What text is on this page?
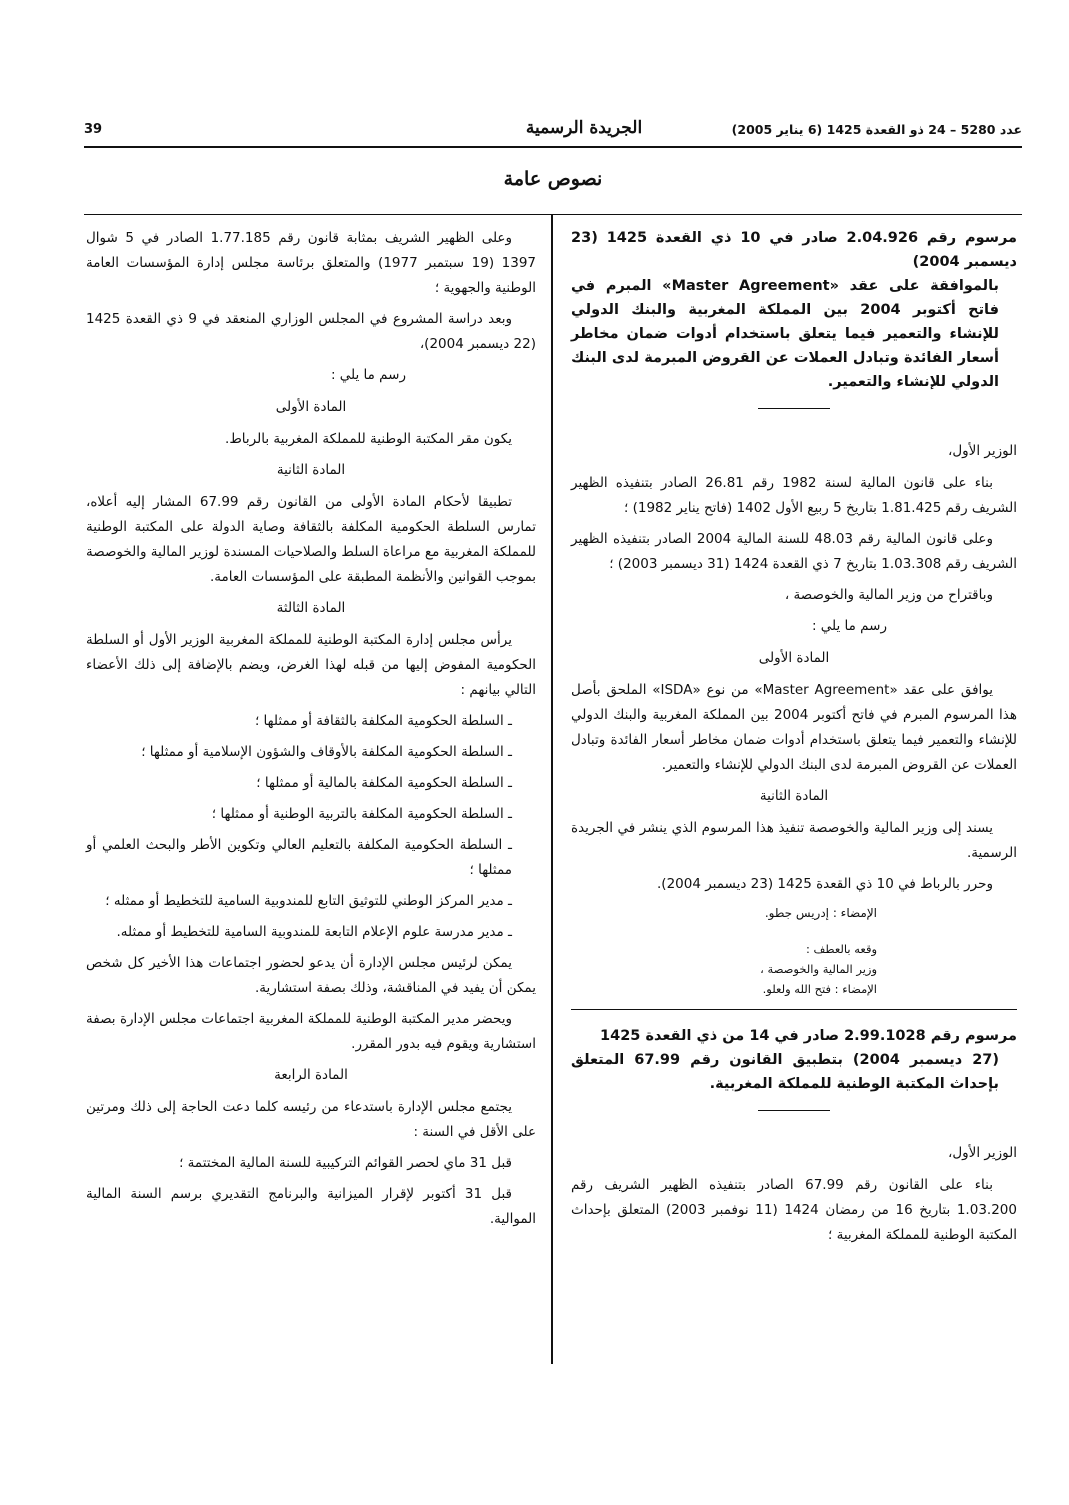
عدد 5280 – 24 ذو القعدة 1425 (6 يناير 2005)
الجريدة الرسمية
39
نصوص عامة
مرسوم رقم 2.04.926 صادر في 10 ذي القعدة 1425 (23 ديسمبر 2004)
بالموافقة على عقد «Master Agreement» المبرم في فاتح أكتوبر 2004 بين المملكة المغربية والبنك الدولي للإنشاء والتعمير فيما يتعلق باستخدام أدوات ضمان مخاطر أسعار الفائدة وتبادل العملات عن القروض المبرمة لدى البنك الدولي للإنشاء والتعمير.

الوزير الأول،

بناء على قانون المالية لسنة 1982 رقم 26.81 الصادر بتنفيذه الظهير الشريف رقم 1.81.425 بتاريخ 5 ربيع الأول 1402 (فاتح يناير 1982) ؛

وعلى قانون المالية رقم 48.03 للسنة المالية 2004 الصادر بتنفيذه الظهير الشريف رقم 1.03.308 بتاريخ 7 ذي القعدة 1424 (31 ديسمبر 2003) ؛

وباقتراح من وزير المالية والخوصصة ،

رسم ما يلي :

المادة الأولى

يوافق على عقد «Master Agreement» من نوع «ISDA» الملحق بأصل هذا المرسوم المبرم في فاتح أكتوبر 2004 بين المملكة المغربية والبنك الدولي للإنشاء والتعمير فيما يتعلق باستخدام أدوات ضمان مخاطر أسعار الفائدة وتبادل العملات عن القروض المبرمة لدى البنك الدولي للإنشاء والتعمير.

المادة الثانية

يسند إلى وزير المالية والخوصصة تنفيذ هذا المرسوم الذي ينشر في الجريدة الرسمية.

وحرر بالرباط في 10 ذي القعدة 1425 (23 ديسمبر 2004).

الإمضاء : إدريس جطو.

وقعه بالعطف :
وزير المالية والخوصصة ،
الإمضاء : فتح الله ولعلو.
مرسوم رقم 2.99.1028 صادر في 14 من ذي القعدة 1425
(27 ديسمبر 2004) بتطبيق القانون رقم 67.99 المتعلق بإحداث المكتبة الوطنية للمملكة المغربية.

الوزير الأول،

بناء على القانون رقم 67.99 الصادر بتنفيذه الظهير الشريف رقم 1.03.200 بتاريخ 16 من رمضان 1424 (11 نوفمبر 2003) المتعلق بإحداث المكتبة الوطنية للمملكة المغربية ؛

وعلى الظهير الشريف بمثابة قانون رقم 1.77.185 الصادر في 5 شوال 1397 (19 سبتمبر 1977) والمتعلق برئاسة مجلس إدارة المؤسسات العامة الوطنية والجهوية ؛

وبعد دراسة المشروع في المجلس الوزاري المنعقد في 9 ذي القعدة 1425 (22 ديسمبر 2004)،

رسم ما يلي :

المادة الأولى

يكون مقر المكتبة الوطنية للمملكة المغربية بالرباط.

المادة الثانية

تطبيقا لأحكام المادة الأولى من القانون رقم 67.99 المشار إليه أعلاه، تمارس السلطة الحكومية المكلفة بالثقافة وصاية الدولة على المكتبة الوطنية للمملكة المغربية مع مراعاة السلط والصلاحيات المسندة لوزير المالية والخوصصة بموجب القوانين والأنظمة المطبقة على المؤسسات العامة.

المادة الثالثة

يرأس مجلس إدارة المكتبة الوطنية للمملكة المغربية الوزير الأول أو السلطة الحكومية المفوض إليها من قبله لهذا الغرض، ويضم بالإضافة إلى ذلك الأعضاء التالي بيانهم :

ـ السلطة الحكومية المكلفة بالثقافة أو ممثلها ؛

ـ السلطة الحكومية المكلفة بالأوقاف والشؤون الإسلامية أو ممثلها ؛

ـ السلطة الحكومية المكلفة بالمالية أو ممثلها ؛

ـ السلطة الحكومية المكلفة بالتربية الوطنية أو ممثلها ؛

ـ السلطة الحكومية المكلفة بالتعليم العالي وتكوين الأطر والبحث العلمي أو ممثلها ؛

ـ مدير المركز الوطني للتوثيق التابع للمندوبية السامية للتخطيط أو ممثله ؛

ـ مدير مدرسة علوم الإعلام التابعة للمندوبية السامية للتخطيط أو ممثله.

يمكن لرئيس مجلس الإدارة أن يدعو لحضور اجتماعات هذا الأخير كل شخص يمكن أن يفيد في المناقشة، وذلك بصفة استشارية.

ويحضر مدير المكتبة الوطنية للمملكة المغربية اجتماعات مجلس الإدارة بصفة استشارية ويقوم فيه بدور المقرر.

المادة الرابعة

يجتمع مجلس الإدارة باستدعاء من رئيسه كلما دعت الحاجة إلى ذلك ومرتين على الأقل في السنة :

قبل 31 ماي لحصر القوائم التركيبية للسنة المالية المختتمة ؛

قبل 31 أكتوبر لإقرار الميزانية والبرنامج التقديري برسم السنة المالية الموالية.
